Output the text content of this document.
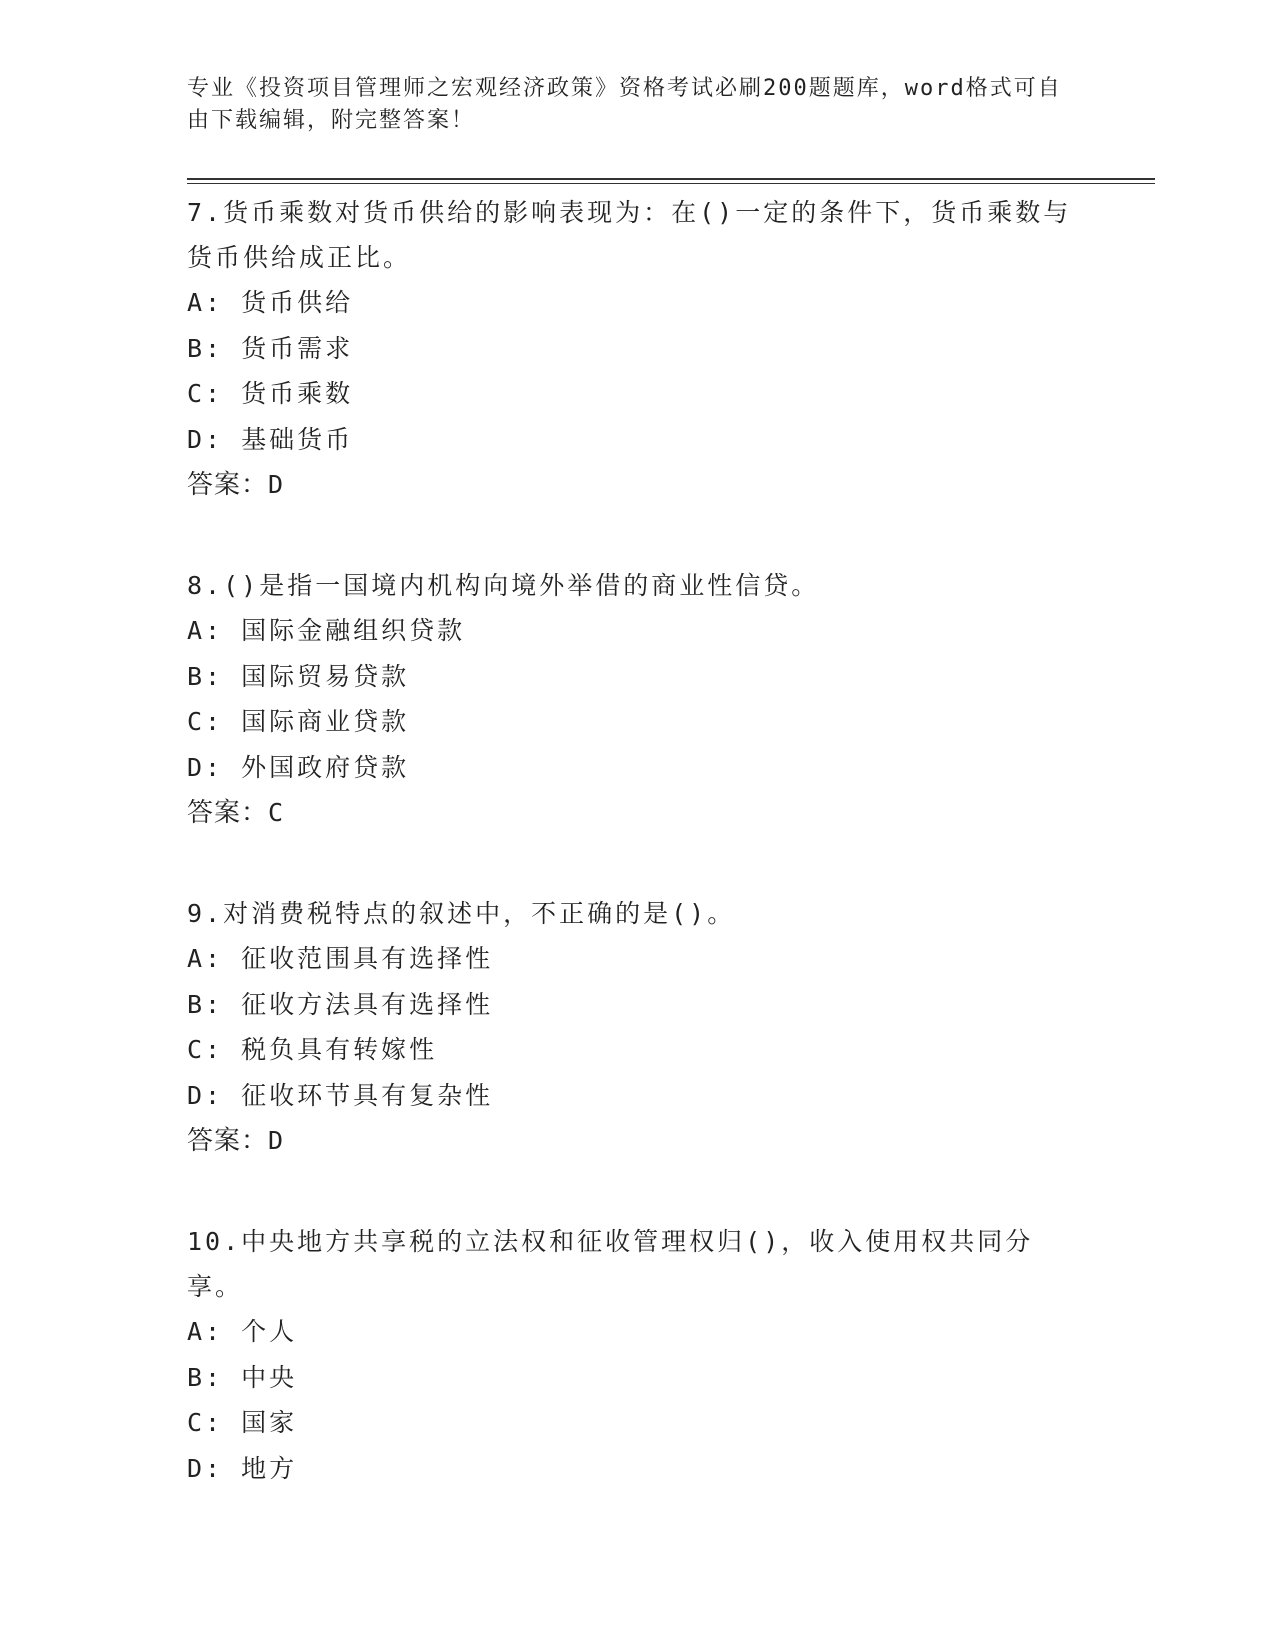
专业《投资项目管理师之宏观经济政策》资格考试必刷200题题库，word格式可自由下载编辑，附完整答案！
7.货币乘数对货币供给的影响表现为：在()一定的条件下，货币乘数与货币供给成正比。
A: 货币供给
B: 货币需求
C: 货币乘数
D: 基础货币
答案：D
8.()是指一国境内机构向境外举借的商业性信贷。
A: 国际金融组织贷款
B: 国际贸易贷款
C: 国际商业贷款
D: 外国政府贷款
答案：C
9.对消费税特点的叙述中，不正确的是()。
A: 征收范围具有选择性
B: 征收方法具有选择性
C: 税负具有转嫁性
D: 征收环节具有复杂性
答案：D
10.中央地方共享税的立法权和征收管理权归()，收入使用权共同分享。
A: 个人
B: 中央
C: 国家
D: 地方
